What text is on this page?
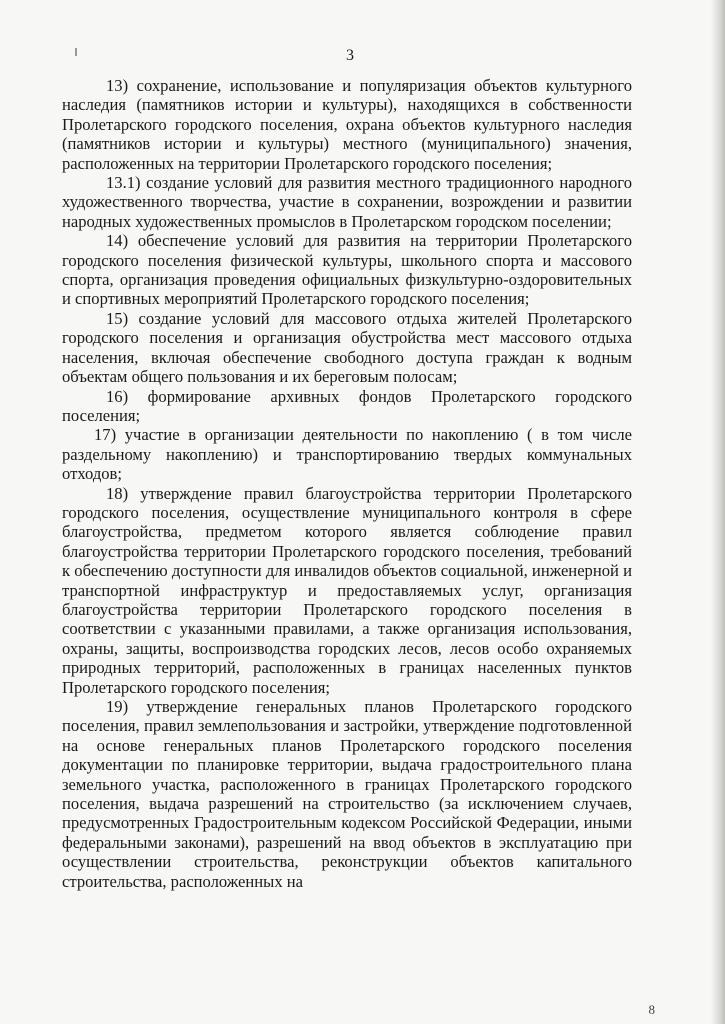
3

13) сохранение, использование и популяризация объектов культурного наследия (памятников истории и культуры), находящихся в собственности Пролетарского городского поселения, охрана объектов культурного наследия (памятников истории и культуры) местного (муниципального) значения, расположенных на территории Пролетарского городского поселения;

13.1) создание условий для развития местного традиционного народного художественного творчества, участие в сохранении, возрождении и развитии народных художественных промыслов в Пролетарском городском поселении;

14) обеспечение условий для развития на территории Пролетарского городского поселения физической культуры, школьного спорта и массового спорта, организация проведения официальных физкультурно-оздоровительных и спортивных мероприятий Пролетарского городского поселения;

15) создание условий для массового отдыха жителей Пролетарского городского поселения и организация обустройства мест массового отдыха населения, включая обеспечение свободного доступа граждан к водным объектам общего пользования и их береговым полосам;

16) формирование архивных фондов Пролетарского городского поселения;

17) участие в организации деятельности по накоплению ( в том числе раздельному накоплению) и транспортированию твердых коммунальных отходов;

18) утверждение правил благоустройства территории Пролетарского городского поселения, осуществление муниципального контроля в сфере благоустройства, предметом которого является соблюдение правил благоустройства территории Пролетарского городского поселения, требований к обеспечению доступности для инвалидов объектов социальной, инженерной и транспортной инфраструктур и предоставляемых услуг, организация благоустройства территории Пролетарского городского поселения в соответствии с указанными правилами, а также организация использования, охраны, защиты, воспроизводства городских лесов, лесов особо охраняемых природных территорий, расположенных в границах населенных пунктов Пролетарского городского поселения;

19) утверждение генеральных планов Пролетарского городского поселения, правил землепользования и застройки, утверждение подготовленной на основе генеральных планов Пролетарского городского поселения документации по планировке территории, выдача градостроительного плана земельного участка, расположенного в границах Пролетарского городского поселения, выдача разрешений на строительство (за исключением случаев, предусмотренных Градостроительным кодексом Российской Федерации, иными федеральными законами), разрешений на ввод объектов в эксплуатацию при осуществлении строительства, реконструкции объектов капитального строительства, расположенных на

8
